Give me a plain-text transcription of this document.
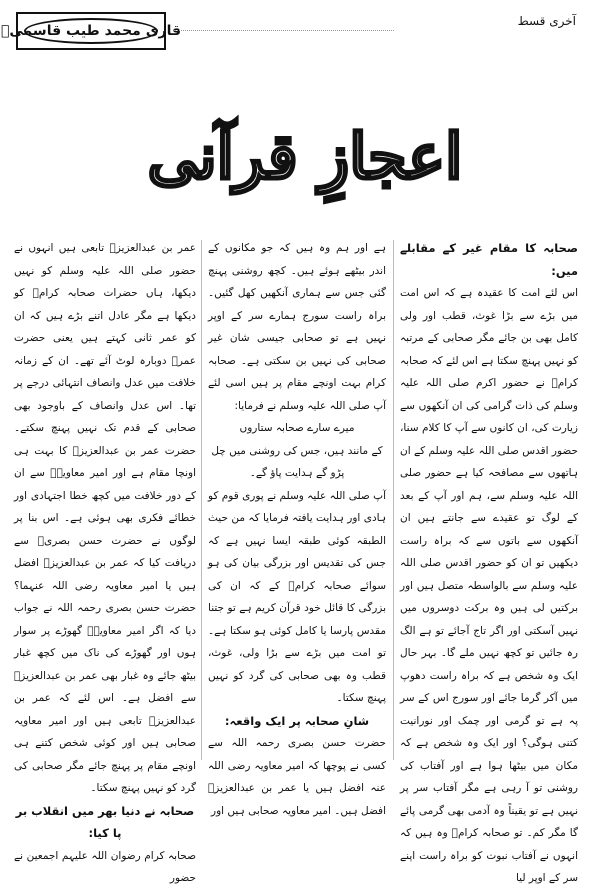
آخری قسط
قاری محمد طیب قاسمیؒ
اعجازِ قرآنی

صحابہ کا مقام غیر کے مقابلے میں:

اس لئے امت کا عقیدہ ہے کہ اس امت میں بڑے سے بڑا غوث، قطب اور ولی کامل بھی بن جائے مگر صحابی کے مرتبہ کو نہیں پہنچ سکتا ہے اس لئے کہ صحابہ کرامؓ نے حضور اکرم صلی اللہ علیہ وسلم کی ذات گرامی کی ان آنکھوں سے زیارت کی، ان کانوں سے آپ کا کلام سنا، حضور اقدس صلی اللہ علیہ وسلم کے ان ہاتھوں سے مصافحہ کیا ہے حضور صلی اللہ علیہ وسلم سے، ہم اور آپ کے بعد کے لوگ تو عقیدے سے جانتے ہیں ان آنکھوں سے باتوں سے کہ براہ راست دیکھیں تو ان کو حضور اقدس صلی اللہ علیہ وسلم سے بالواسطہ متصل ہیں اور برکتیں لی ہیں وہ برکت دوسروں میں نہیں آسکتی اور اگر تاج آجائے تو ہے الگ رہ جائیں تو کچھ نہیں ملے گا۔ بہر حال ایک وہ شخص ہے کہ براہ راست دھوپ میں آکر گرما جائے اور سورج اس کے سر پہ ہے تو گرمی اور چمک اور نورانیت کتنی ہوگی؟ اور ایک وہ شخص ہے کہ مکان میں بیٹھا ہوا ہے اور آفتاب کی روشنی تو آ رہی ہے مگر آفتاب سر پر نہیں ہے تو یقیناً وہ آدمی بھی گرمی پائے گا مگر کم۔ تو صحابہ کرامؓ وہ ہیں کہ انہوں نے آفتاب نبوت کو براہ راست اپنے سر کے اوپر لیا

ہے اور ہم وہ ہیں کہ جو مکانوں کے اندر بیٹھے ہوئے ہیں۔ کچھ روشنی پہنچ گئی جس سے ہماری آنکھیں کھل گئیں۔ براہ راست سورج ہمارے سر کے اوپر نہیں ہے تو صحابی جیسی شان غیر صحابی کی نہیں بن سکتی ہے۔ صحابہ کرام بہت اونچے مقام پر ہیں اسی لئے آپ صلی اللہ علیہ وسلم نے فرمایا:

میرے سارے صحابہ ستاروں

کے مانند ہیں، جس کی روشنی میں چل

پڑو گے ہدایت پاؤ گے۔

آپ صلی اللہ علیہ وسلم نے پوری قوم کو ہادی اور ہدایت یافتہ فرمایا کہ من حیث الطبقہ کوئی طبقہ ایسا نہیں ہے کہ جس کی تقدیس اور بزرگی بیان کی ہو سوائے صحابہ کرامؓ کے کہ ان کی بزرگی کا قائل خود قرآن کریم ہے تو جتنا مقدس پارسا یا کامل کوئی ہو سکتا ہے۔ تو امت میں بڑے سے بڑا ولی، غوث، قطب وہ بھی صحابی کی گرد کو نہیں پہنچ سکتا۔

شانِ صحابہ پر ایک واقعہ:

حضرت حسن بصری رحمہ اللہ سے کسی نے پوچھا کہ امیر معاویہ رضی اللہ عنہ افضل ہیں یا عمر بن عبدالعزیزؒ افضل ہیں۔ امیر معاویہ صحابی ہیں اور

عمر بن عبدالعزیزؒ تابعی ہیں انہوں نے حضور صلی اللہ علیہ وسلم کو نہیں دیکھا، ہاں حضرات صحابہ کرامؓ کو دیکھا ہے مگر عادل اتنے بڑے ہیں کہ ان کو عمر ثانی کہتے ہیں یعنی حضرت عمرؓ دوبارہ لوٹ آئے تھے۔ ان کے زمانہ خلافت میں عدل وانصاف انتہائی درجے پر تھا۔ اس عدل وانصاف کے باوجود بھی صحابی کے قدم تک نہیں پہنچ سکتے۔ حضرت عمر بن عبدالعزیزؒ کا بہت ہی اونچا مقام ہے اور امیر معاویہؓ سے ان کے دور خلافت میں کچھ خطا اجتہادی اور خطائے فکری بھی ہوئی ہے۔ اس بنا پر لوگوں نے حضرت حسن بصریؒ سے دریافت کیا کہ عمر بن عبدالعزیزؒ افضل ہیں یا امیر معاویہ رضی اللہ عنہما؟ حضرت حسن بصری رحمہ اللہ نے جواب دیا کہ اگر امیر معاویہؓ گھوڑے پر سوار ہوں اور گھوڑے کی ناک میں کچھ غبار بیٹھ جائے وہ غبار بھی عمر بن عبدالعزیزؒ سے افضل ہے۔ اس لئے کہ عمر بن عبدالعزیزؒ تابعی ہیں اور امیر معاویہ صحابی ہیں اور کوئی شخص کتنے ہی اونچے مقام پر پہنچ جائے مگر صحابی کی گرد کو نہیں پہنچ سکتا۔

صحابہ نے دنیا بھر میں انقلاب بر پا کیا:

صحابہ کرام رضوان اللہ علیہم اجمعین نے حضور
